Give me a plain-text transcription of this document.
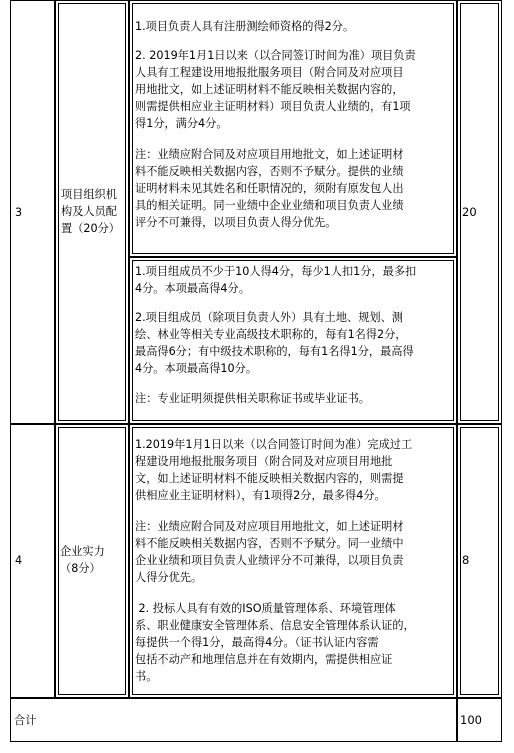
3
项目组织机
构及人员配
置（20分）
1.项目负责人具有注册测绘师资格的得2分。
2. 2019年1月1日以来（以合同签订时间为准）项目负责
人具有工程建设用地报批服务项目（附合同及对应项目
用地批文，如上述证明材料不能反映相关数据内容的，
则需提供相应业主证明材料）项目负责人业绩的，有1项
得1分，满分4分。
注：业绩应附合同及对应项目用地批文，如上述证明材
料不能反映相关数据内容，否则不予赋分。提供的业绩
证明材料未见其姓名和任职情况的，须附有原发包人出
具的相关证明。同一业绩中企业业绩和项目负责人业绩
评分不可兼得，以项目负责人得分优先。
1.项目组成员不少于10人得4分，每少1人扣1分，最多扣
4分。本项最高得4分。
2.项目组成员（除项目负责人外）具有土地、规划、测
绘、林业等相关专业高级技术职称的，每有1名得2分，
最高得6分；有中级技术职称的，每有1名得1分，最高得
4分。本项最高得10分。
注：专业证明须提供相关职称证书或毕业证书。
20
4
企业实力
（8分）
1.2019年1月1日以来（以合同签订时间为准）完成过工
程建设用地报批服务项目（附合同及对应项目用地批
文，如上述证明材料不能反映相关数据内容的，则需提
供相应业主证明材料），有1项得2分，最多得4分。
注：业绩应附合同及对应项目用地批文，如上述证明材
料不能反映相关数据内容，否则不予赋分。同一业绩中
企业业绩和项目负责人业绩评分不可兼得，以项目负责
人得分优先。
2. 投标人具有有效的ISO质量管理体系、环境管理体
系、职业健康安全管理体系、信息安全管理体系认证的，
每提供一个得1分，最高得4分。（证书认证内容需
包括不动产和地理信息并在有效期内，需提供相应证
书。
8
合计	100
